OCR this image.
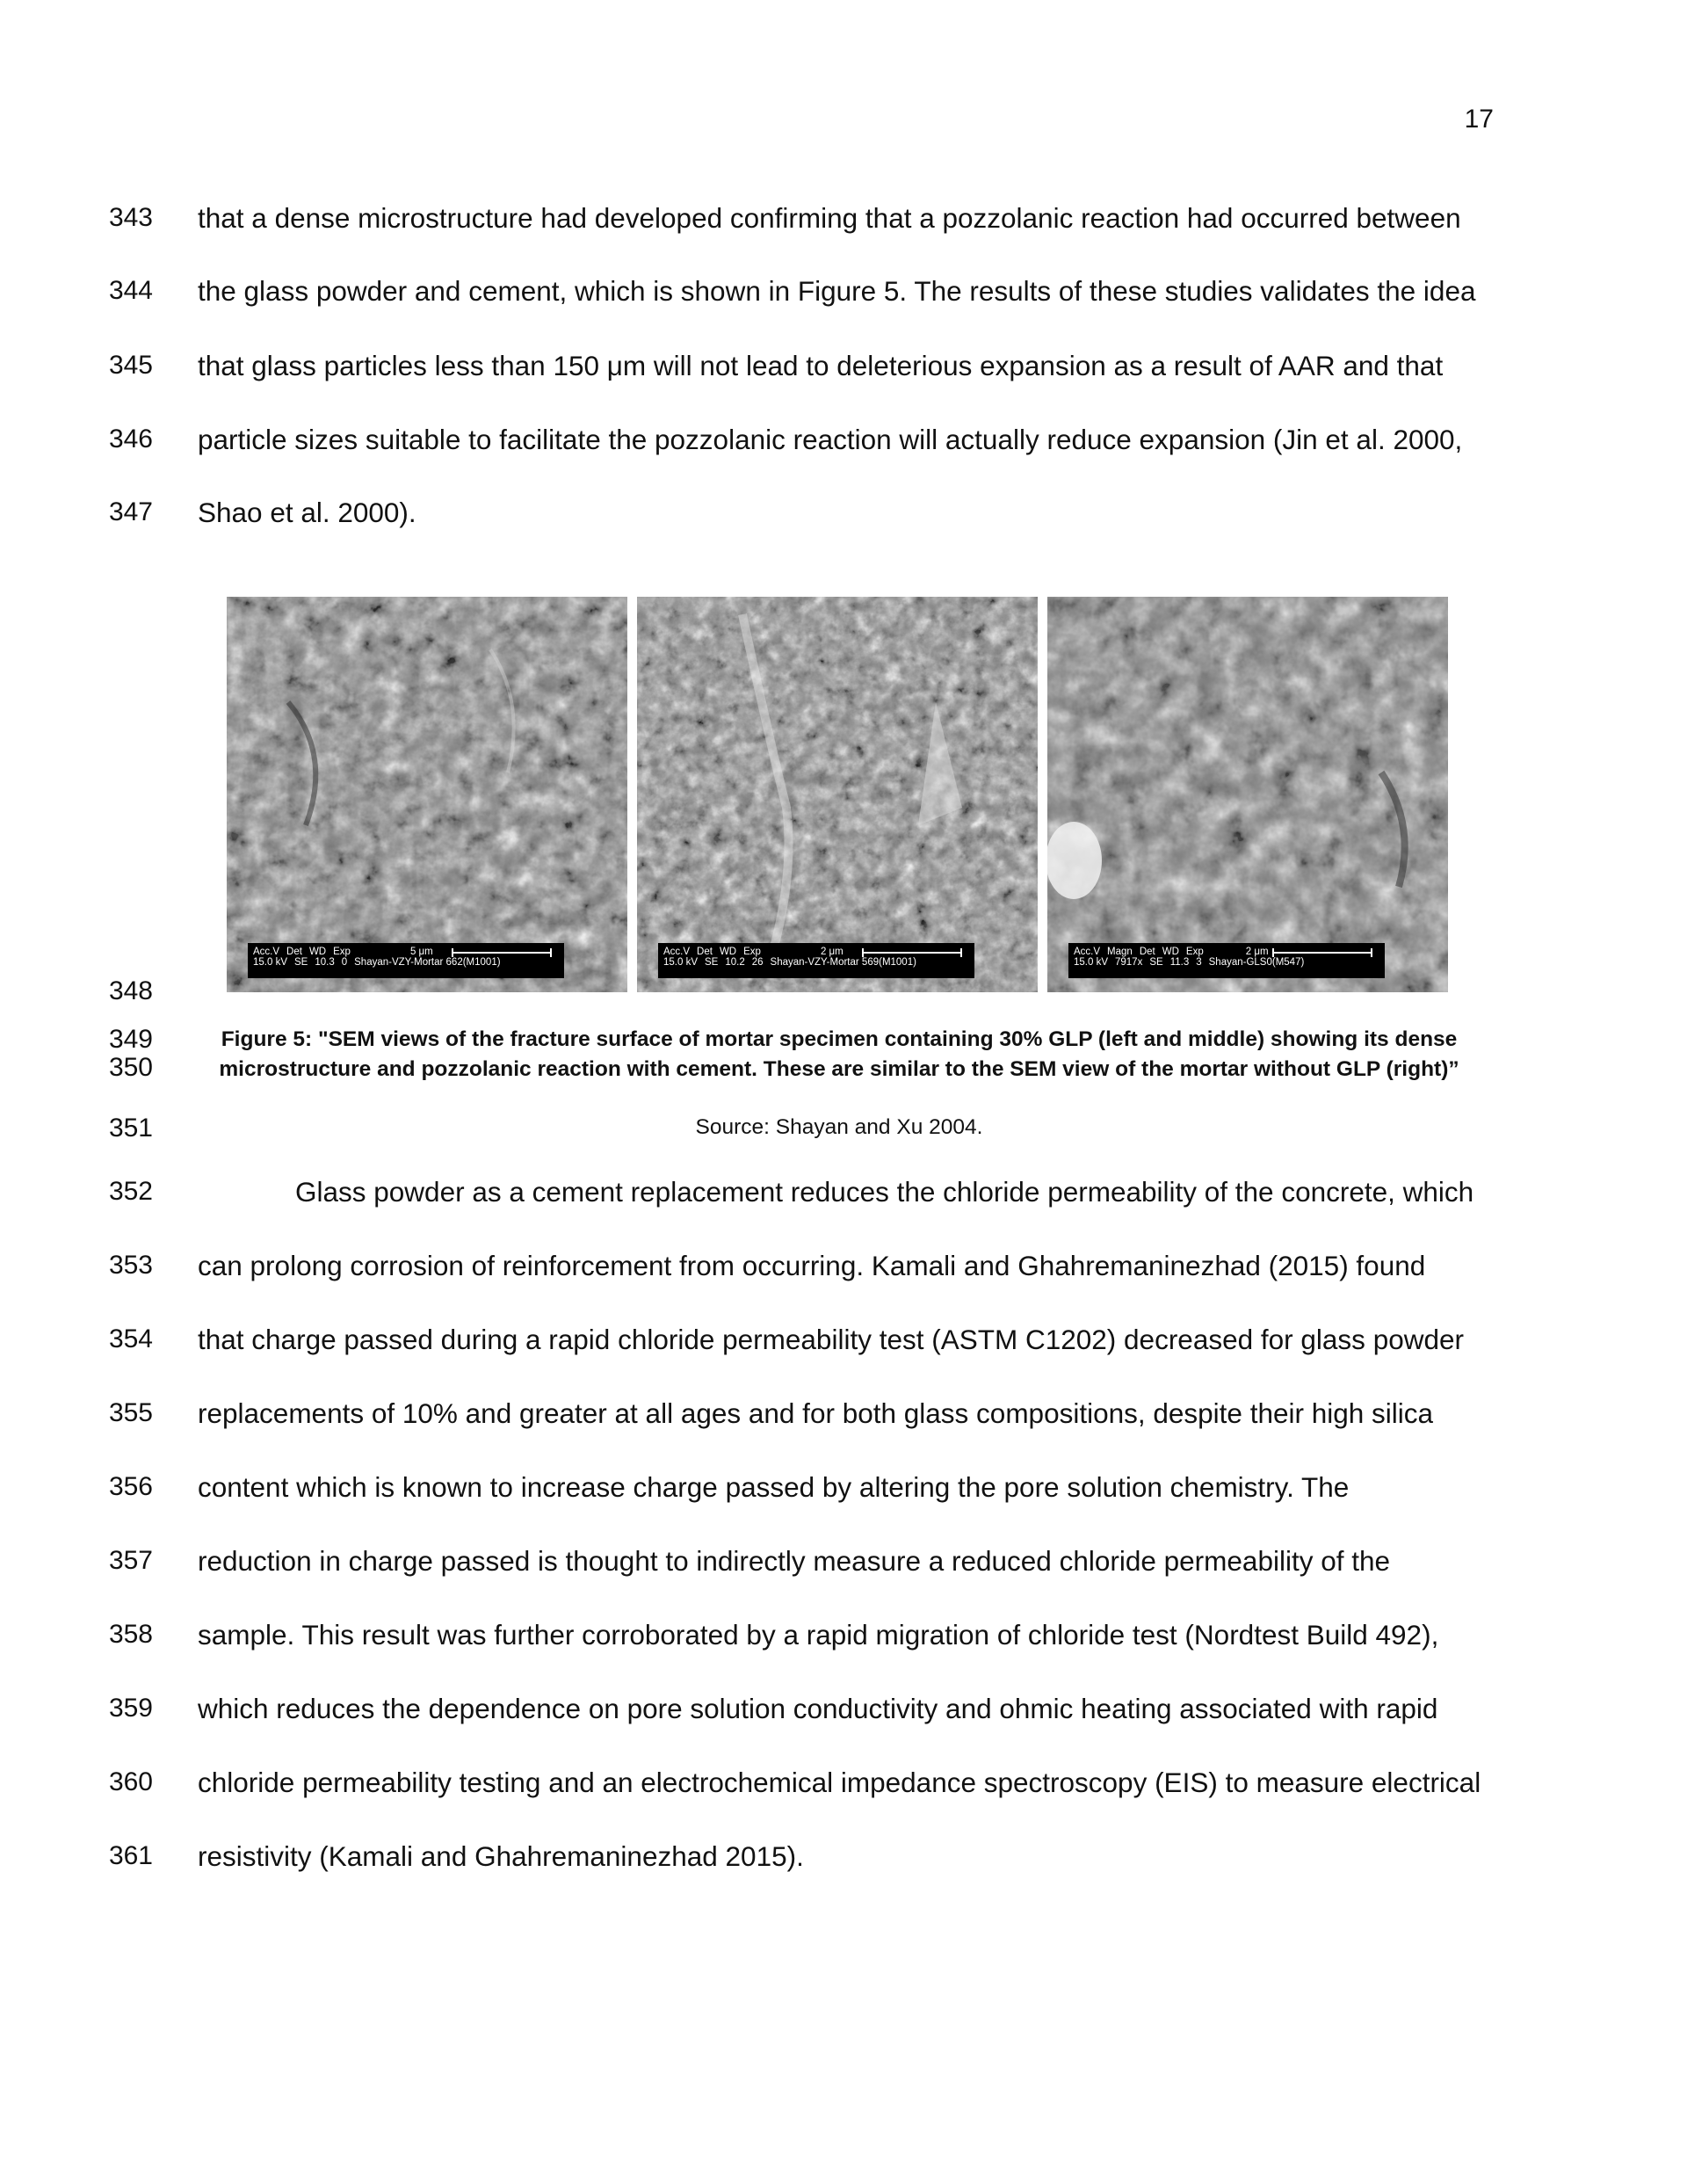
17
343 that a dense microstructure had developed confirming that a pozzolanic reaction had occurred between
344 the glass powder and cement, which is shown in Figure 5. The results of these studies validates the idea
345 that glass particles less than 150 μm will not lead to deleterious expansion as a result of AAR and that
346 particle sizes suitable to facilitate the pozzolanic reaction will actually reduce expansion (Jin et al. 2000,
347 Shao et al. 2000).
Acc.V Det WD Exp	5 μm
15.0 kV SE 10.3 0 Shayan-VZY-Mortar 662(M1001)
Acc.V Det WD Exp	2 μm
15.0 kV SE 10.2 26 Shayan-VZY-Mortar 569(M1001)
Acc.V Magn Det WD Exp	2 μm
15.0 kV 7917x SE 11.3 3 Shayan-GLS0(M547)
348
349
350
Figure 5: "SEM views of the fracture surface of mortar specimen containing 30% GLP (left and middle) showing its dense
microstructure and pozzolanic reaction with cement. These are similar to the SEM view of the mortar without GLP (right)”
351	Source: Shayan and Xu 2004.
352	Glass powder as a cement replacement reduces the chloride permeability of the concrete, which
353 can prolong corrosion of reinforcement from occurring. Kamali and Ghahremaninezhad (2015) found
354 that charge passed during a rapid chloride permeability test (ASTM C1202) decreased for glass powder
355 replacements of 10% and greater at all ages and for both glass compositions, despite their high silica
356 content which is known to increase charge passed by altering the pore solution chemistry. The
357 reduction in charge passed is thought to indirectly measure a reduced chloride permeability of the
358 sample. This result was further corroborated by a rapid migration of chloride test (Nordtest Build 492),
359 which reduces the dependence on pore solution conductivity and ohmic heating associated with rapid
360 chloride permeability testing and an electrochemical impedance spectroscopy (EIS) to measure electrical
361 resistivity (Kamali and Ghahremaninezhad 2015).
